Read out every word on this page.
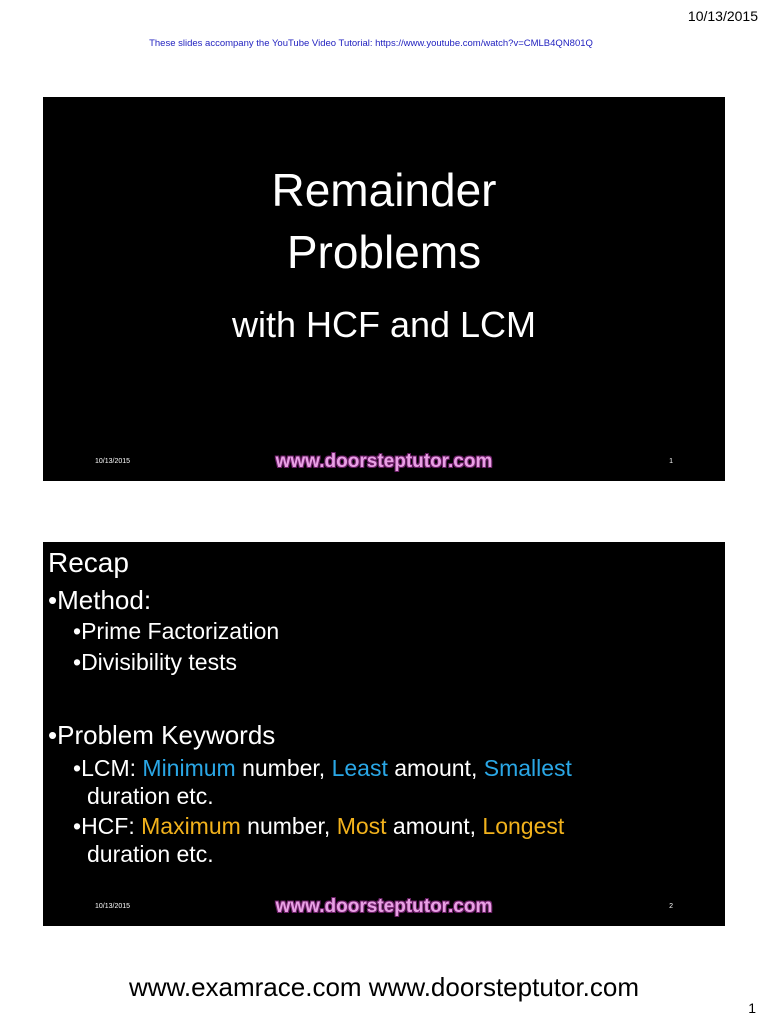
10/13/2015
These slides accompany the YouTube Video Tutorial: https://www.youtube.com/watch?v=CMLB4QN801Q
Remainder
Problems
with HCF and LCM
10/13/2015	www.doorsteptutor.com	1
Recap
•Method:
•Prime Factorization
•Divisibility tests
•Problem Keywords
•LCM: Minimum number, Least amount, Smallest
duration etc.
•HCF: Maximum number, Most amount, Longest
duration etc.
10/13/2015	www.doorsteptutor.com	2
www.examrace.com www.doorsteptutor.com
1
